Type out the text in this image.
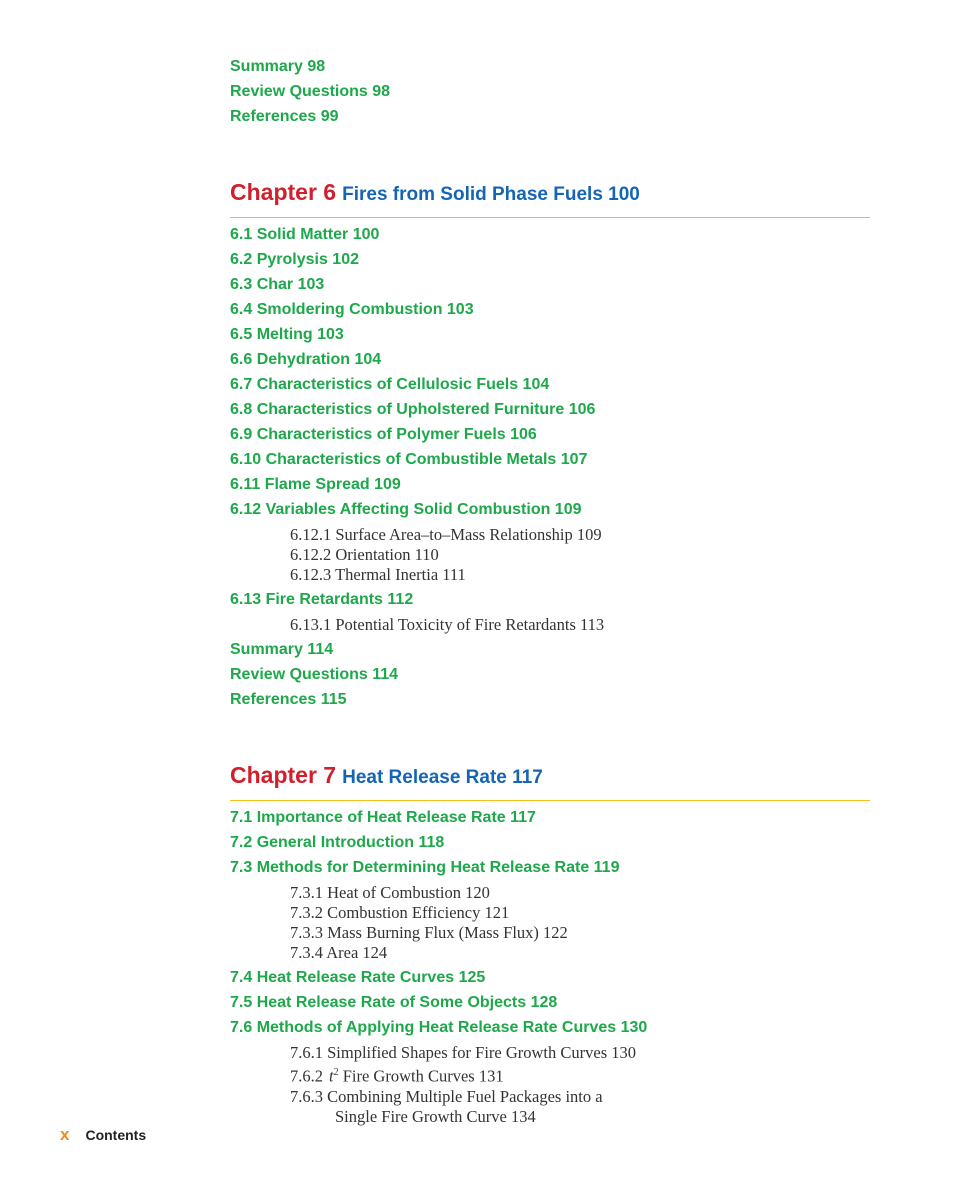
Summary 98
Review Questions 98
References 99
Chapter 6 Fires from Solid Phase Fuels 100
6.1 Solid Matter 100
6.2 Pyrolysis 102
6.3 Char 103
6.4 Smoldering Combustion 103
6.5 Melting 103
6.6 Dehydration 104
6.7 Characteristics of Cellulosic Fuels 104
6.8 Characteristics of Upholstered Furniture 106
6.9 Characteristics of Polymer Fuels 106
6.10 Characteristics of Combustible Metals 107
6.11 Flame Spread 109
6.12 Variables Affecting Solid Combustion 109
6.12.1 Surface Area–to–Mass Relationship 109
6.12.2 Orientation 110
6.12.3 Thermal Inertia 111
6.13 Fire Retardants 112
6.13.1 Potential Toxicity of Fire Retardants 113
Summary 114
Review Questions 114
References 115
Chapter 7 Heat Release Rate 117
7.1 Importance of Heat Release Rate 117
7.2 General Introduction 118
7.3 Methods for Determining Heat Release Rate 119
7.3.1 Heat of Combustion 120
7.3.2 Combustion Efficiency 121
7.3.3 Mass Burning Flux (Mass Flux) 122
7.3.4 Area 124
7.4 Heat Release Rate Curves 125
7.5 Heat Release Rate of Some Objects 128
7.6 Methods of Applying Heat Release Rate Curves 130
7.6.1 Simplified Shapes for Fire Growth Curves 130
7.6.2 $t^2$ Fire Growth Curves 131
7.6.3 Combining Multiple Fuel Packages into a
Single Fire Growth Curve 134
x Contents
